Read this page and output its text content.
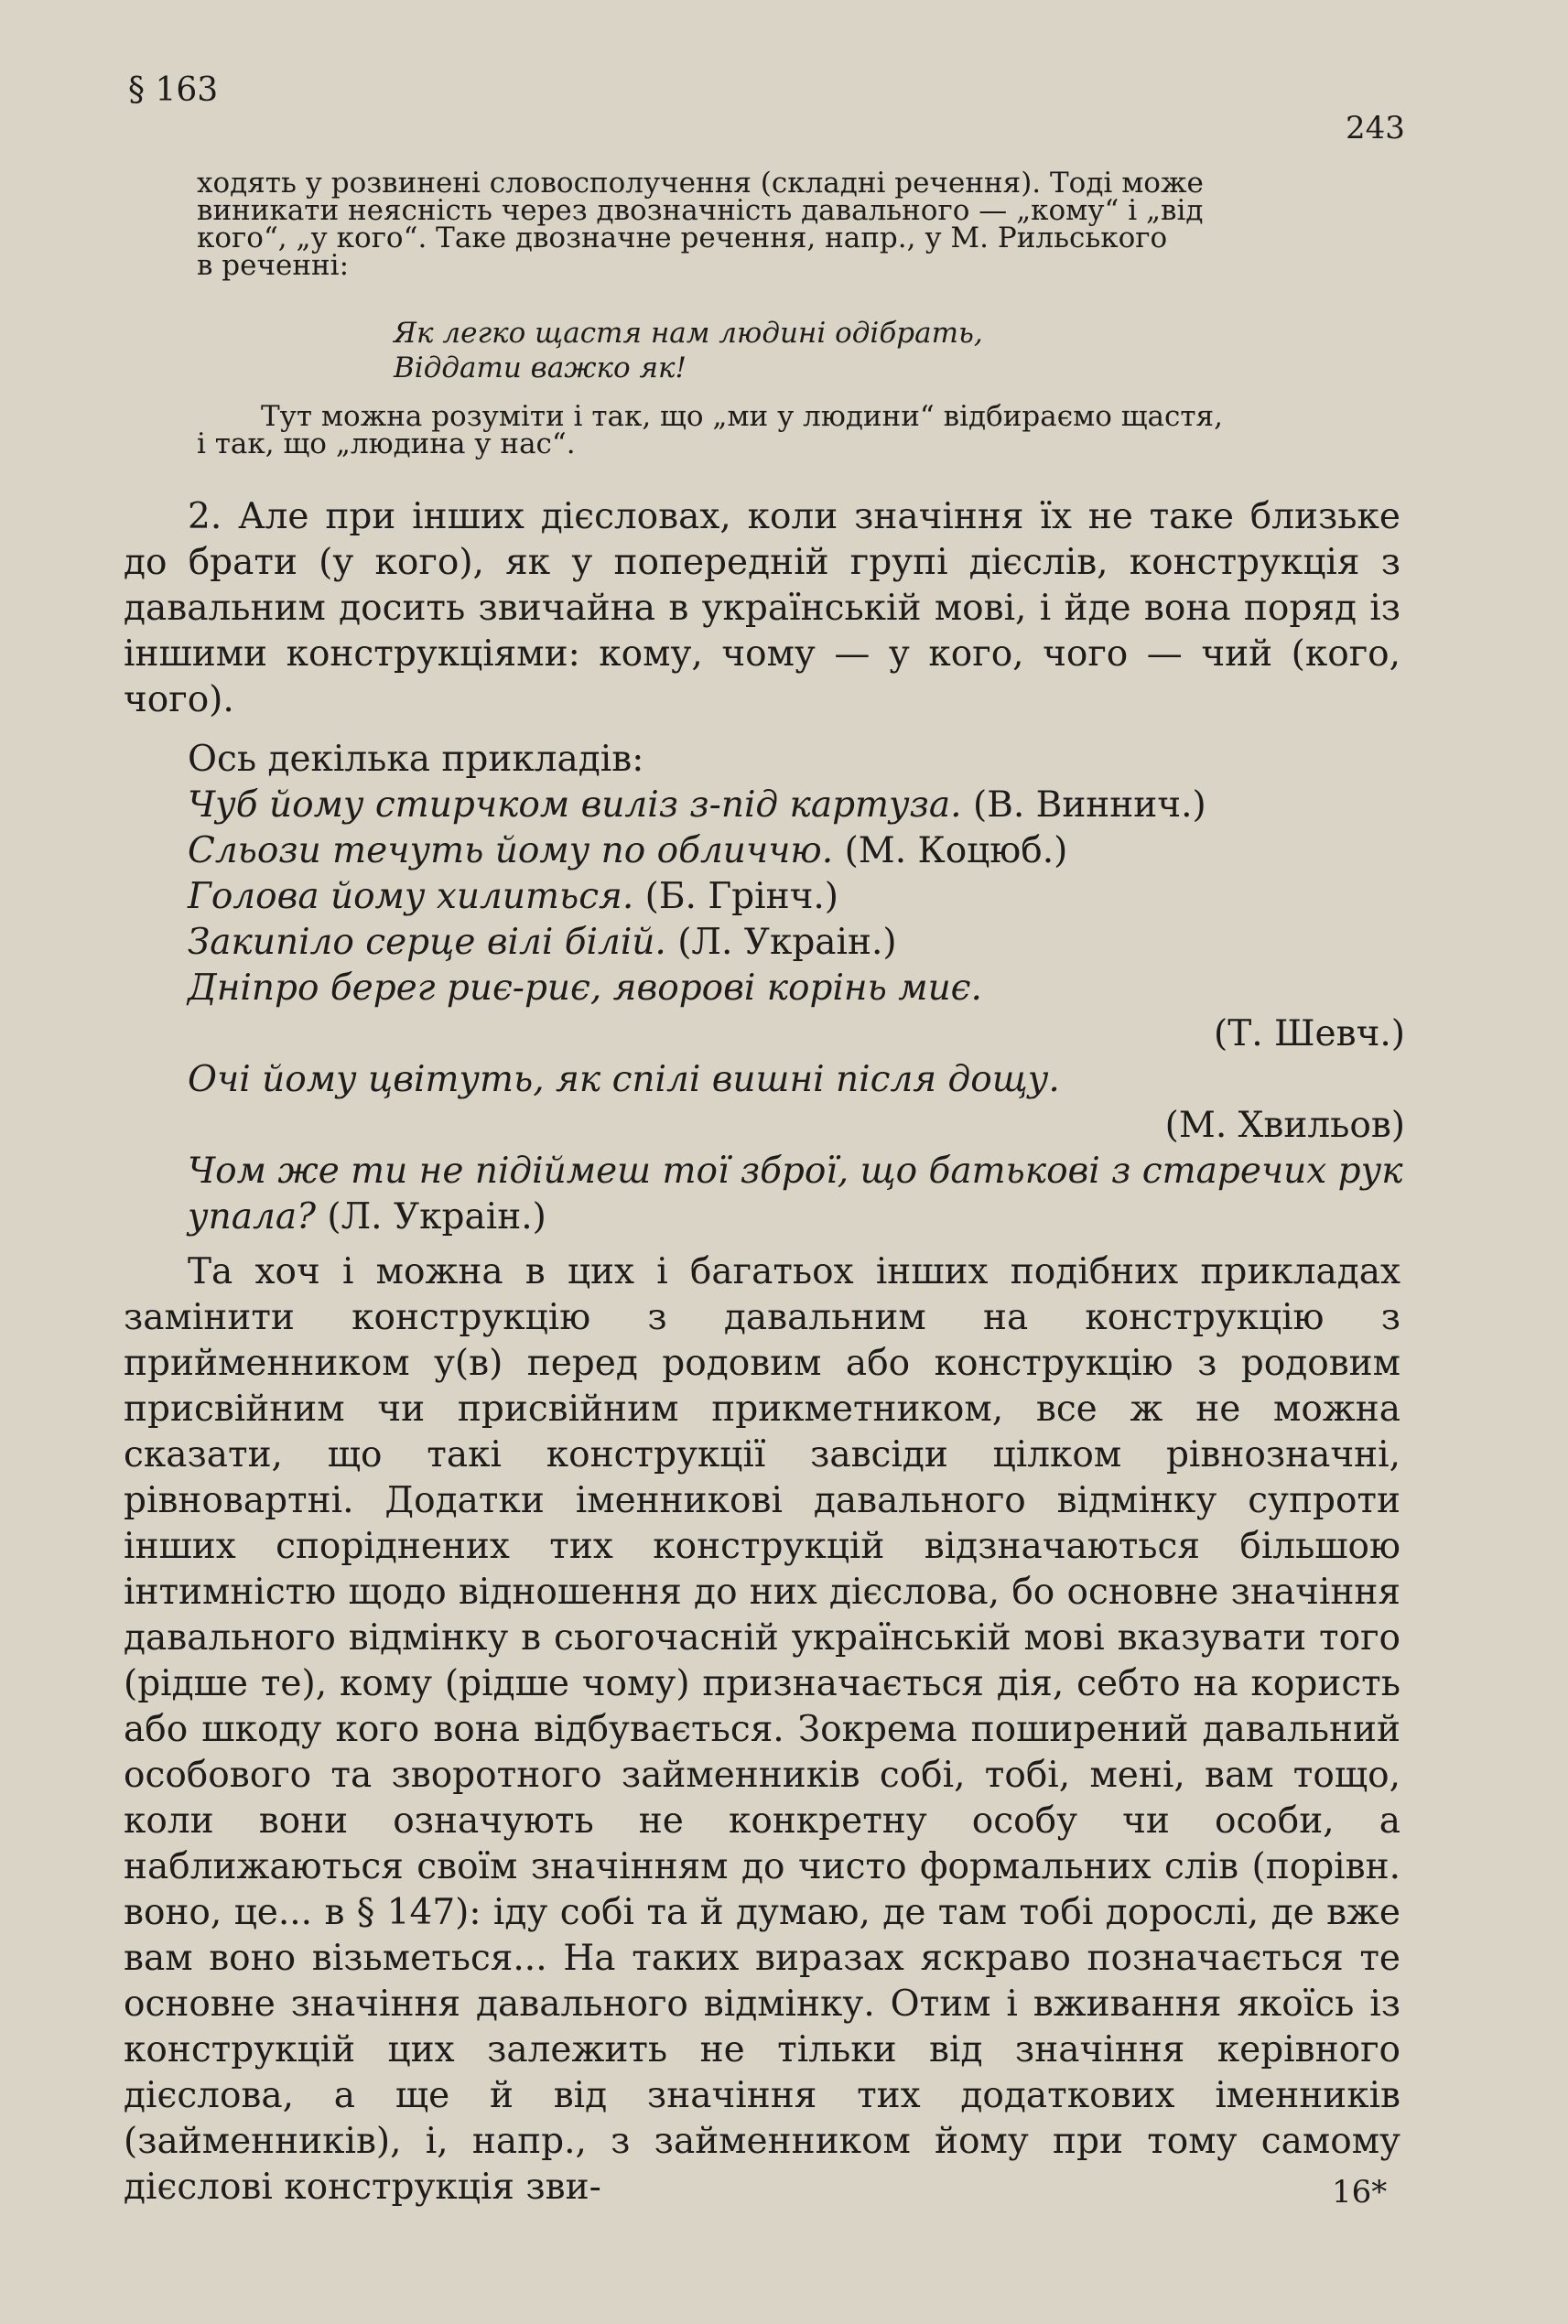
§ 163
243

ходять у розвинені словосполучення (складні речення). Тоді може

виникати неясність через двозначність давального — „кому“ і „від

кого“, „у кого“. Таке двозначне речення, напр., у М. Рильського

в реченні:

Як легко щастя нам людині одібрать,
Віддати важко як!

Тут можна розуміти і так, що „ми у людини“ відбираємо щастя,

і так, що „людина у нас“.

2. Але при інших дієсловах, коли значіння їх не таке близьке до брати (у кого), як у попередній групі дієслів, конструкція з давальним досить звичайна в українській мові, і йде вона поряд із іншими конструкціями: кому, чому — у кого, чого — чий (кого, чого).

Ось декілька прикладів:
Чуб йому стирчком виліз з-під картуза. (В. Виннич.)
Сльози течуть йому по обличчю. (М. Коцюб.)
Голова йому хилиться. (Б. Грінч.)
Закипіло серце вілі білій. (Л. Украін.)
Дніпро берег риє-риє, яворові корінь миє.
(Т. Шевч.)
Очі йому цвітуть, як спілі вишні після дощу.
(М. Хвильов)
Чом же ти не підіймеш тої зброї, що батькові з старечих рук упала? (Л. Украін.)

Та хоч і можна в цих і багатьох інших подібних прикладах замінити конструкцію з давальним на конструкцію з прийменником у(в) перед родовим або конструкцію з родовим присвійним чи присвійним прикметником, все ж не можна сказати, що такі конструкції завсіди цілком рівнозначні, рівновартні. Додатки іменникові давального відмінку супроти інших споріднених тих конструкцій відзначаються більшою інтимністю щодо відношення до них дієслова, бо основне значіння давального відмінку в сьогочасній українській мові вказувати того (рідше те), кому (рідше чому) призначається дія, себто на користь або шкоду кого вона відбувається. Зокрема поширений давальний особового та зворотного займенників собі, тобі, мені, вам тощо, коли вони означують не конкретну особу чи особи, а наближаються своїм значінням до чисто формальних слів (порівн. воно, це... в § 147): іду собі та й думаю, де там тобі дорослі, де вже вам воно візьметься... На таких виразах яскраво позначається те основне значіння давального відмінку. Отим і вживання якоїсь із конструкцій цих залежить не тільки від значіння керівного дієслова, а ще й від значіння тих додаткових іменників (займенників), і, напр., з займенником йому при тому самому дієслові конструкція зви-	16*
